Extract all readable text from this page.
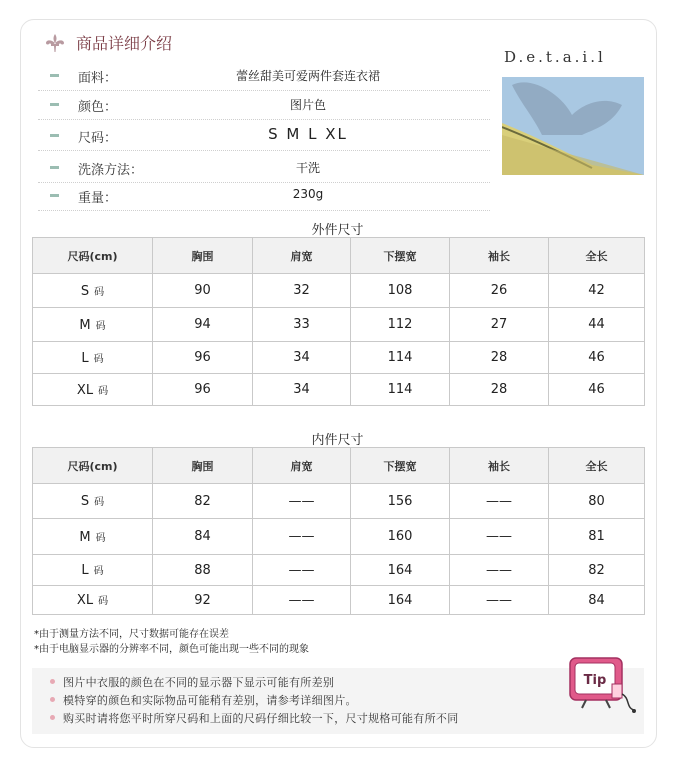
商品详细介绍
面料：	蕾丝甜美可爱两件套连衣裙
颜色：	图片色
尺码：	S M L XL
洗涤方法：	干洗
重量：	230g
D.e.t.a.i.l
外件尺寸
尺码(cm)	胸围	肩宽	下摆宽	袖长	全长
S 码	90	32	108	26	42
M 码	94	33	112	27	44
L 码	96	34	114	28	46
XL 码	96	34	114	28	46
内件尺寸
尺码(cm)	胸围	肩宽	下摆宽	袖长	全长
S 码	82	——	156	——	80
M 码	84	——	160	——	81
L 码	88	——	164	——	82
XL 码	92	——	164	——	84
*由于测量方法不同，尺寸数据可能存在误差
*由于电脑显示器的分辨率不同，颜色可能出现一些不同的现象
图片中衣服的颜色在不同的显示器下显示可能有所差别
模特穿的颜色和实际物品可能稍有差别，请参考详细图片。
购买时请将您平时所穿尺码和上面的尺码仔细比较一下，尺寸规格可能有所不同
Tip
